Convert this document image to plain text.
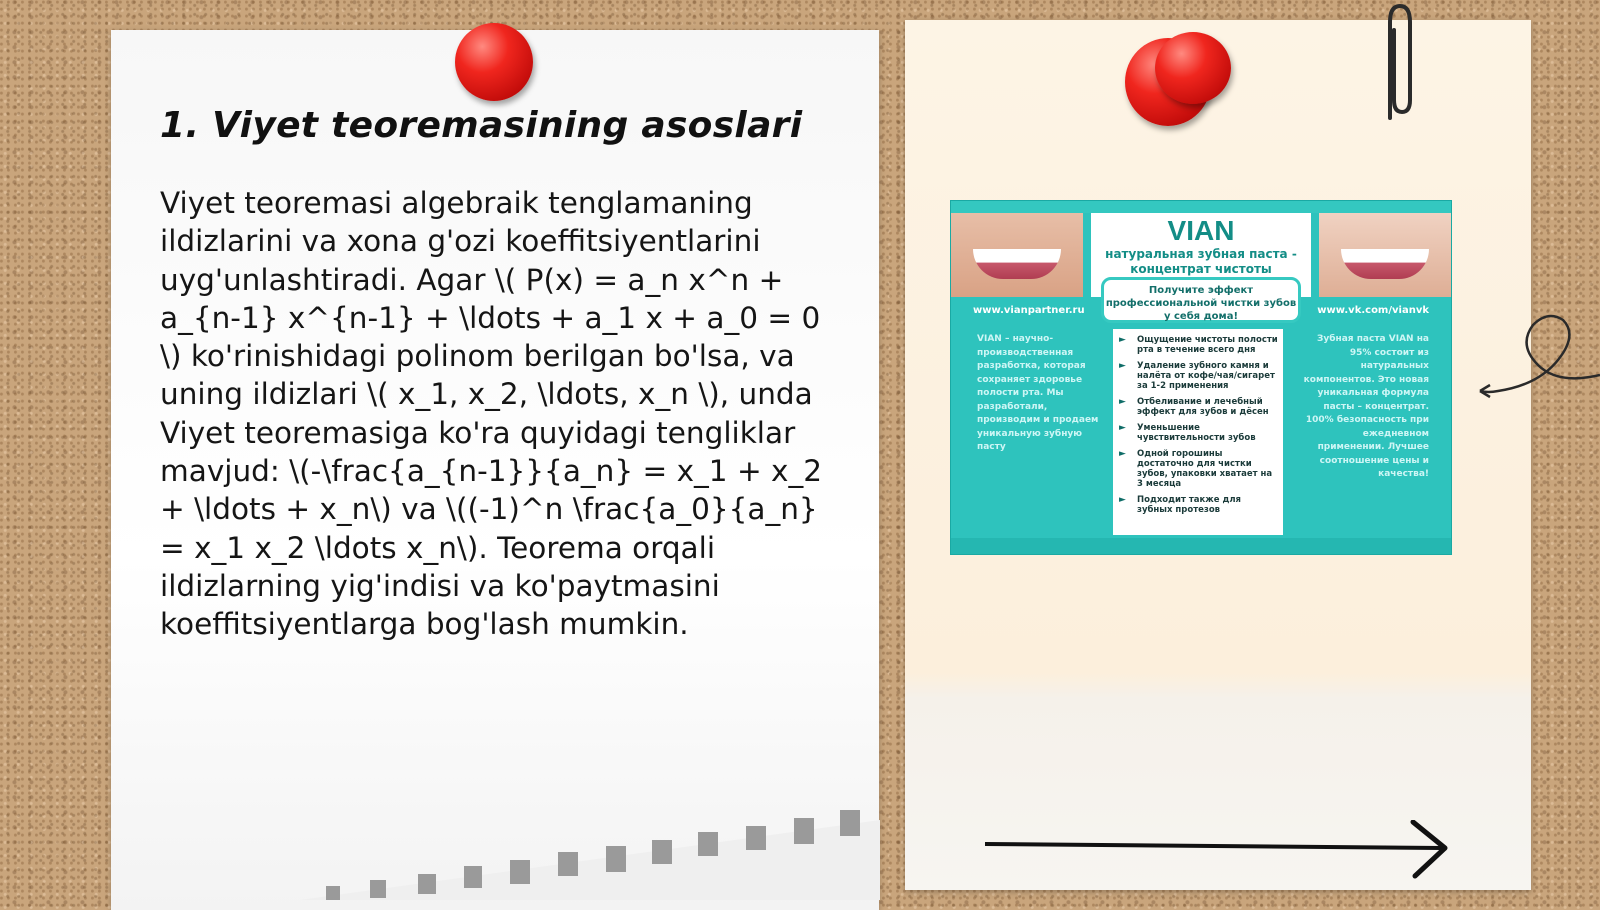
1. Viyet teoremasining asoslari
Viyet teoremasi algebraik tenglamaning ildizlarini va xona g'ozi koeffitsiyentlarini uyg'unlashtiradi. Agar \( P(x) = a_n x^n + a_{n-1} x^{n-1} + \ldots + a_1 x + a_0 = 0 \) ko'rinishidagi polinom berilgan bo'lsa, va uning ildizlari \( x_1, x_2, \ldots, x_n \), unda Viyet teoremasiga ko'ra quyidagi tengliklar mavjud: \(-\frac{a_{n-1}}{a_n} = x_1 + x_2 + \ldots + x_n\) va \((-1)^n \frac{a_0}{a_n} = x_1 x_2 \ldots x_n\). Teorema orqali ildizlarning yig'indisi va ko'paytmasini koeffitsiyentlarga bog'lash mumkin.
VIAN
натуральная зубная паста -
концентрат чистоты
Получите эффект профессиональной чистки зубов у себя дома!
www.vianpartner.ru	www.vk.com/vianvk
VIAN – научно-производственная разработка, которая сохраняет здоровье полости рта. Мы разработали, производим и продаем уникальную зубную пасту
► Ощущение чистоты полости рта в течение всего дня
► Удаление зубного камня и налёта от кофе/чая/сигарет за 1-2 применения
► Отбеливание и лечебный эффект для зубов и дёсен
► Уменьшение чувствительности зубов
► Одной горошины достаточно для чистки зубов, упаковки хватает на 3 месяца
► Подходит также для зубных протезов
Зубная паста VIAN на 95% состоит из натуральных компонентов. Это новая уникальная формула пасты – концентрат. 100% безопасность при ежедневном применении. Лучшее соотношение цены и качества!
